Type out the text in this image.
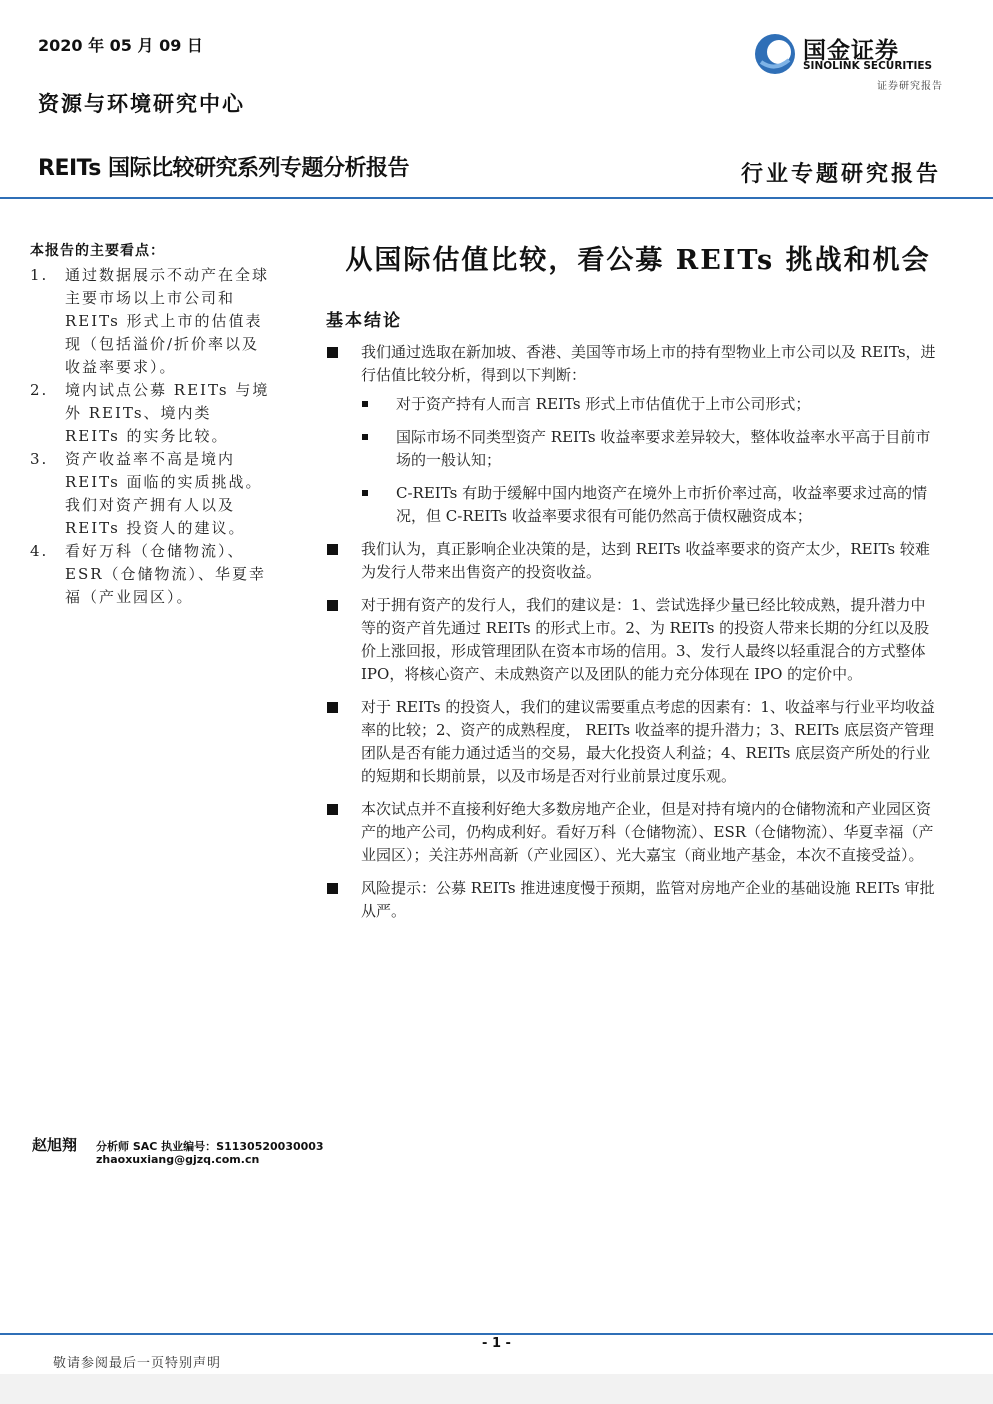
2020 年 05 月 09 日
资源与环境研究中心
REITs 国际比较研究系列专题分析报告	行业专题研究报告
国金证券
SINOLINK SECURITIES
证券研究报告
本报告的主要看点：
1. 通过数据展示不动产在全球主要市场以上市公司和 REITs 形式上市的估值表现（包括溢价/折价率以及收益率要求）。
2. 境内试点公募 REITs 与境外 REITs、境内类 REITs 的实务比较。
3. 资产收益率不高是境内 REITs 面临的实质挑战。我们对资产拥有人以及 REITs 投资人的建议。
4. 看好万科（仓储物流）、ESR（仓储物流）、华夏幸福（产业园区）。
从国际估值比较，看公募 REITs 挑战和机会
基本结论
我们通过选取在新加坡、香港、美国等市场上市的持有型物业上市公司以及 REITs，进行估值比较分析，得到以下判断：
对于资产持有人而言 REITs 形式上市估值优于上市公司形式；
国际市场不同类型资产 REITs 收益率要求差异较大，整体收益率水平高于目前市场的一般认知；
C-REITs 有助于缓解中国内地资产在境外上市折价率过高，收益率要求过高的情况，但 C-REITs 收益率要求很有可能仍然高于债权融资成本；
我们认为，真正影响企业决策的是，达到 REITs 收益率要求的资产太少，REITs 较难为发行人带来出售资产的投资收益。
对于拥有资产的发行人，我们的建议是：1、尝试选择少量已经比较成熟，提升潜力中等的资产首先通过 REITs 的形式上市。2、为 REITs 的投资人带来长期的分红以及股价上涨回报，形成管理团队在资本市场的信用。3、发行人最终以轻重混合的方式整体 IPO，将核心资产、未成熟资产以及团队的能力充分体现在 IPO 的定价中。
对于 REITs 的投资人，我们的建议需要重点考虑的因素有：1、收益率与行业平均收益率的比较；2、资产的成熟程度， REITs 收益率的提升潜力；3、REITs 底层资产管理团队是否有能力通过适当的交易，最大化投资人利益；4、REITs 底层资产所处的行业的短期和长期前景，以及市场是否对行业前景过度乐观。
本次试点并不直接利好绝大多数房地产企业，但是对持有境内的仓储物流和产业园区资产的地产公司，仍构成利好。看好万科（仓储物流）、ESR（仓储物流）、华夏幸福（产业园区）；关注苏州高新（产业园区）、光大嘉宝（商业地产基金，本次不直接受益）。
风险提示：公募 REITs 推进速度慢于预期，监管对房地产企业的基础设施 REITs 审批从严。
赵旭翔 分析师 SAC 执业编号：S1130520030003
zhaoxuxiang@gjzq.com.cn
- 1 -
敬请参阅最后一页特别声明
